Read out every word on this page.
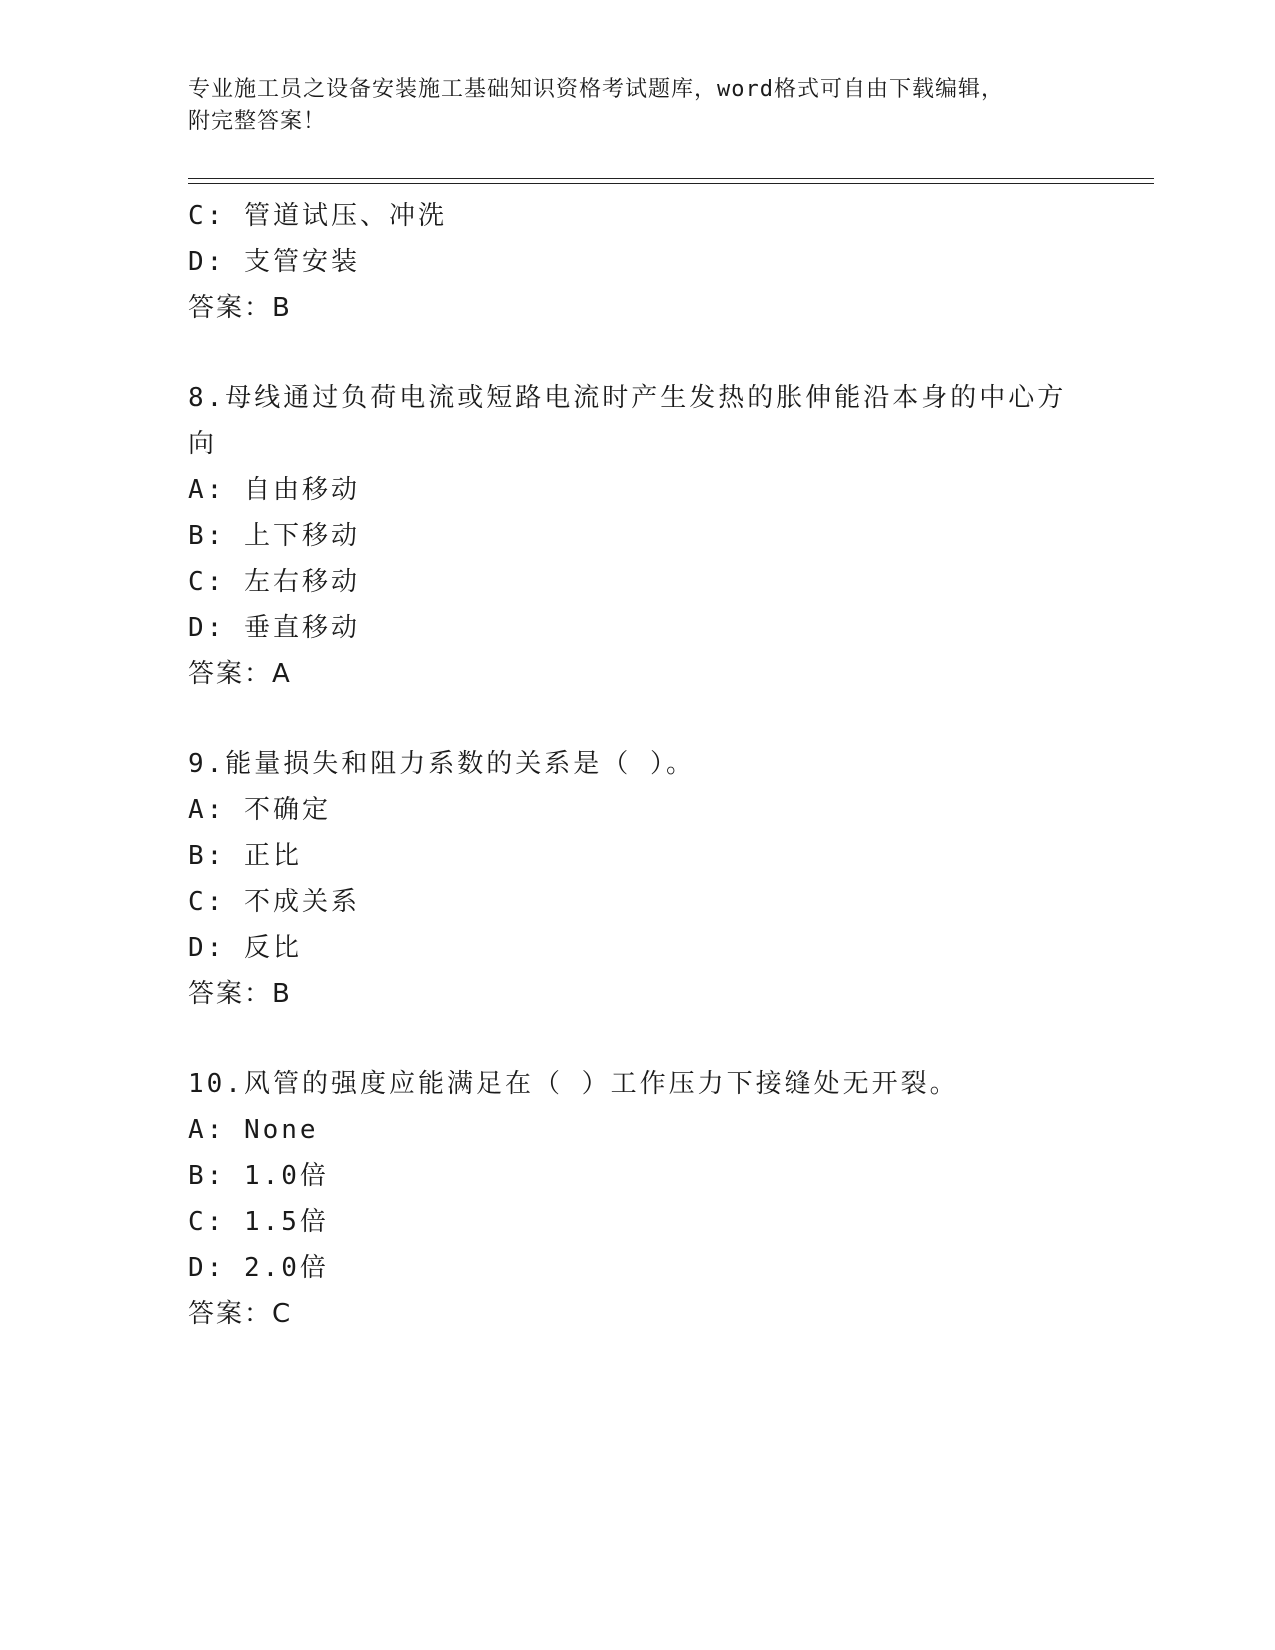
专业施工员之设备安装施工基础知识资格考试题库，word格式可自由下载编辑，
附完整答案！
C: 管道试压、冲洗
D: 支管安装
答案：B
8.母线通过负荷电流或短路电流时产生发热的胀伸能沿本身的中心方向
A: 自由移动
B: 上下移动
C: 左右移动
D: 垂直移动
答案：A
9.能量损失和阻力系数的关系是（ ）。
A: 不确定
B: 正比
C: 不成关系
D: 反比
答案：B
10.风管的强度应能满足在（ ）工作压力下接缝处无开裂。
A: None
B: 1.0倍
C: 1.5倍
D: 2.0倍
答案：C
